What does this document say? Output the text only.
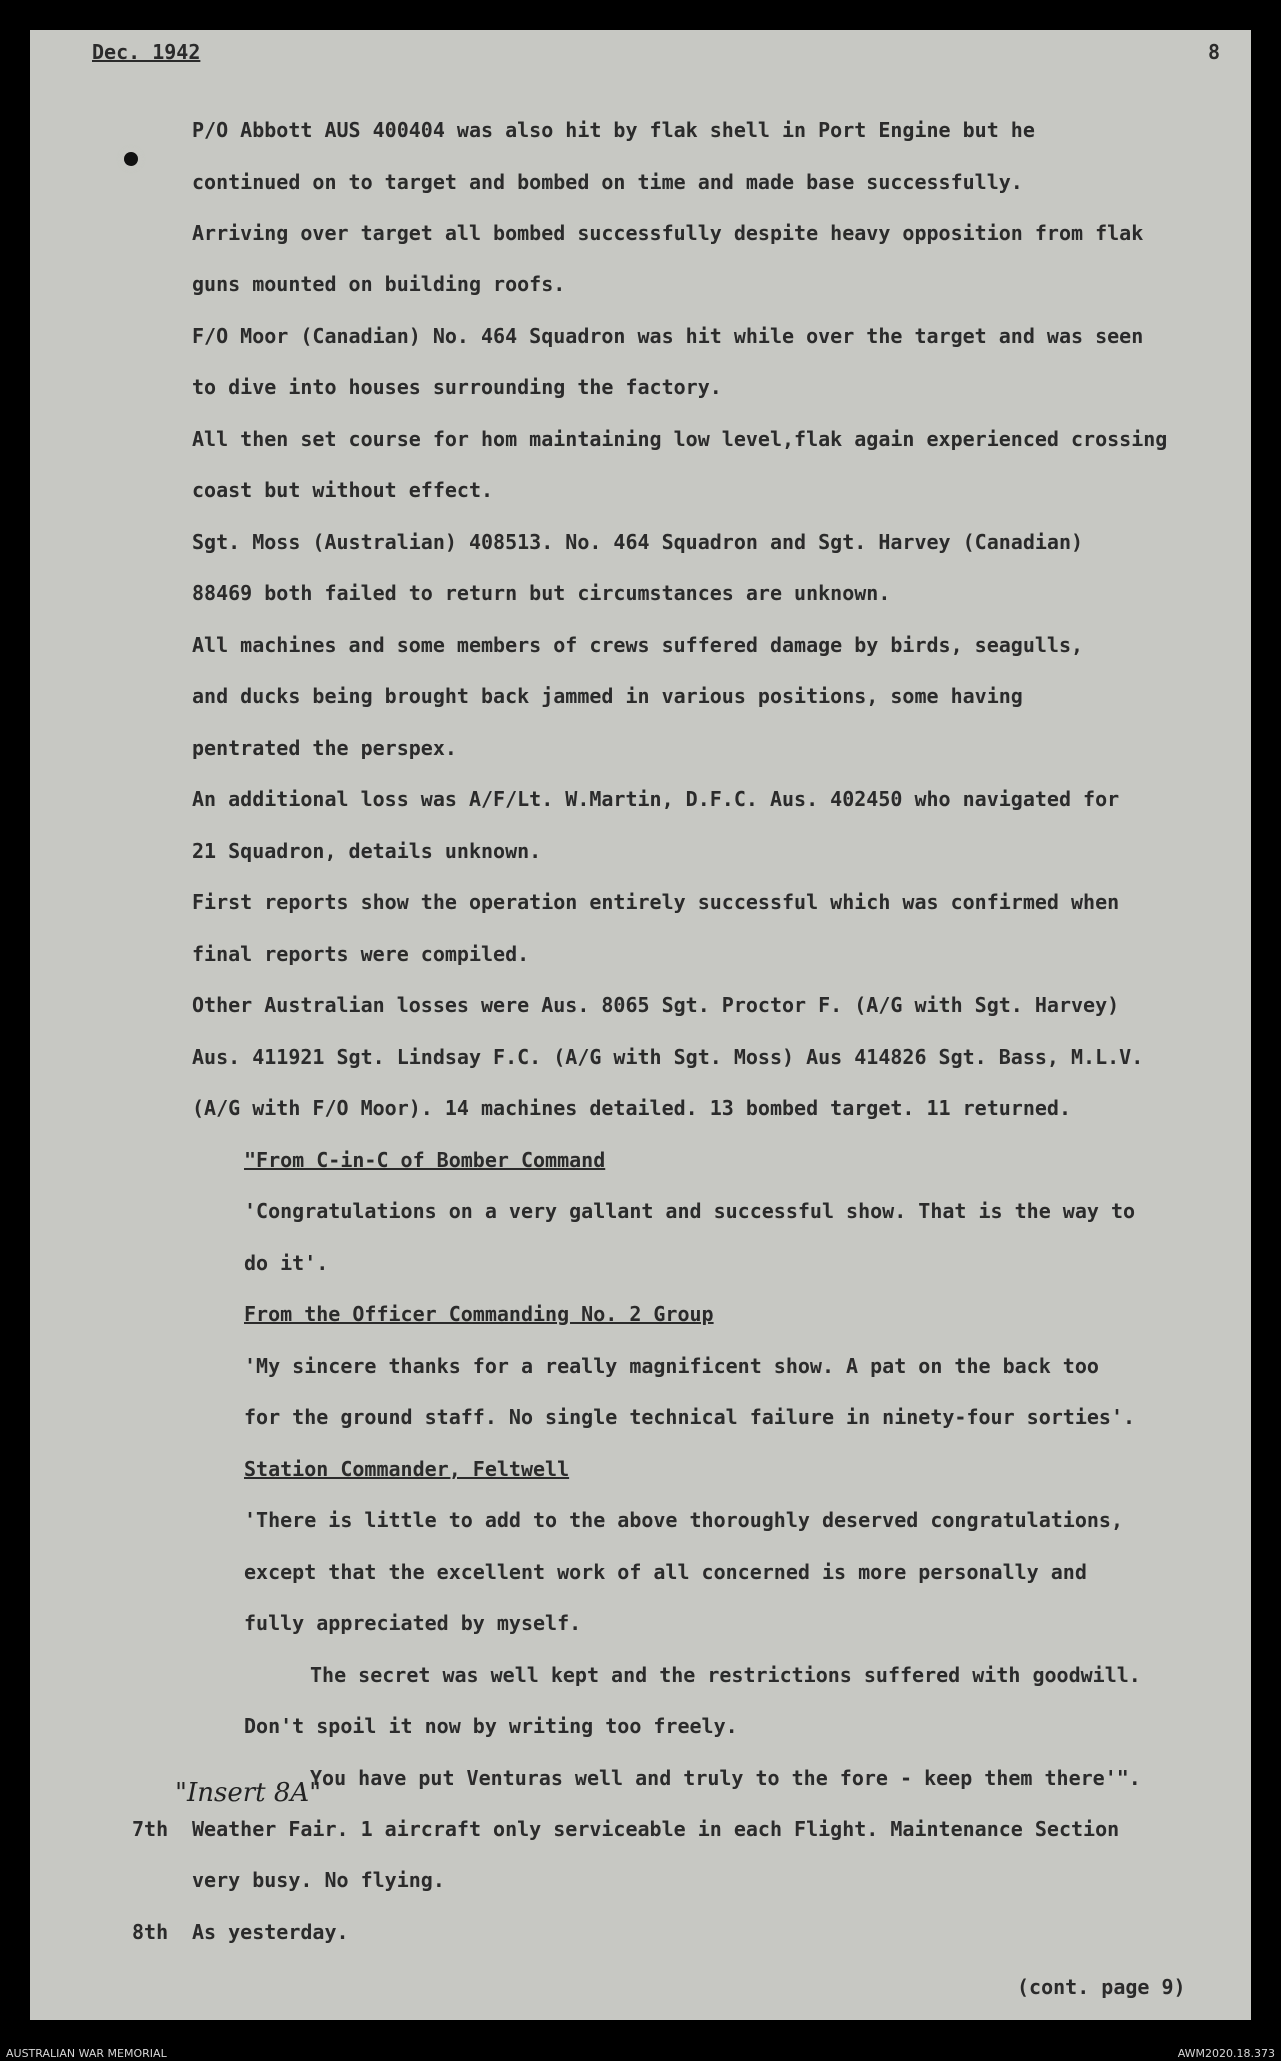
Dec. 1942	8
P/O Abbott AUS 400404 was also hit by flak shell in Port Engine but he
continued on to target and bombed on time and made base successfully.
Arriving over target all bombed successfully despite heavy opposition from flak
guns mounted on building roofs.
F/O Moor (Canadian) No. 464 Squadron was hit while over the target and was seen
to dive into houses surrounding the factory.
All then set course for hom maintaining low level,flak again experienced crossing
coast but without effect.
Sgt. Moss (Australian) 408513. No. 464 Squadron and Sgt. Harvey (Canadian)
88469 both failed to return but circumstances are unknown.
All machines and some members of crews suffered damage by birds, seagulls,
and ducks being brought back jammed in various positions, some having
pentrated the perspex.
An additional loss was A/F/Lt. W.Martin, D.F.C. Aus. 402450 who navigated for
21 Squadron, details unknown.
First reports show the operation entirely successful which was confirmed when
final reports were compiled.
Other Australian losses were Aus. 8065 Sgt. Proctor F. (A/G with Sgt. Harvey)
Aus. 411921 Sgt. Lindsay F.C. (A/G with Sgt. Moss) Aus 414826 Sgt. Bass, M.L.V.
(A/G with F/O Moor). 14 machines detailed. 13 bombed target. 11 returned.
"From C-in-C of Bomber Command
'Congratulations on a very gallant and successful show. That is the way to
do it'.
From the Officer Commanding No. 2 Group
'My sincere thanks for a really magnificent show. A pat on the back too
for the ground staff. No single technical failure in ninety-four sorties'.
Station Commander, Feltwell
'There is little to add to the above thoroughly deserved congratulations,
except that the excellent work of all concerned is more personally and
fully appreciated by myself.
The secret was well kept and the restrictions suffered with goodwill.
Don't spoil it now by writing too freely.
You have put Venturas well and truly to the fore - keep them there'".
7th Weather Fair. 1 aircraft only serviceable in each Flight. Maintenance Section
very busy. No flying.
8th As yesterday.
"Insert 8A"
(cont. page 9)
AUSTRALIAN WAR MEMORIAL	AWM2020.18.373
